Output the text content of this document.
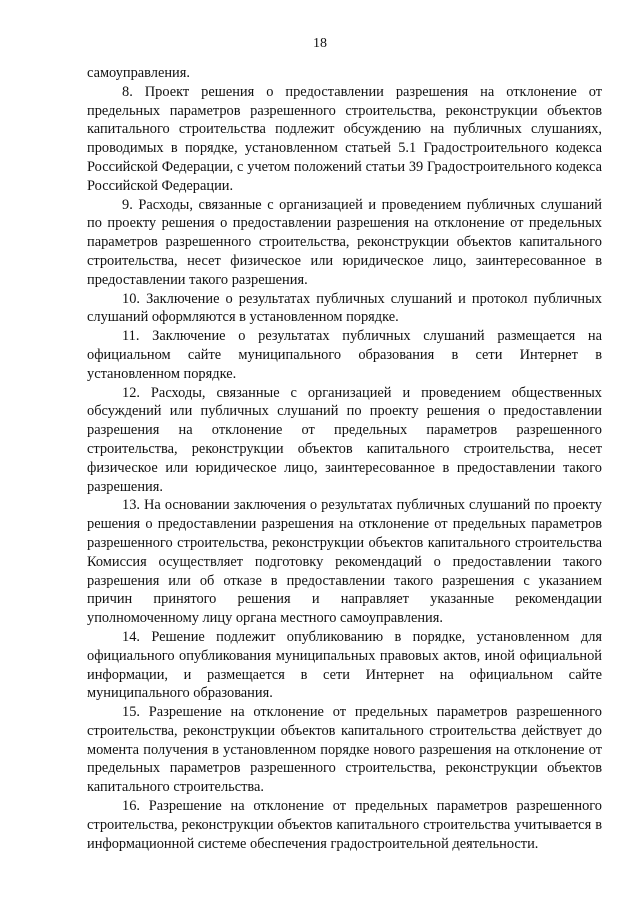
18

самоуправления.

8. Проект решения о предоставлении разрешения на отклонение от предельных параметров разрешенного строительства, реконструкции объектов капитального строительства подлежит обсуждению на публичных слушаниях, проводимых в порядке, установленном статьей 5.1 Градостроительного кодекса Российской Федерации, с учетом положений статьи 39 Градостроительного кодекса Российской Федерации.

9. Расходы, связанные с организацией и проведением публичных слушаний по проекту решения о предоставлении разрешения на отклонение от предельных параметров разрешенного строительства, реконструкции объектов капитального строительства, несет физическое или юридическое лицо, заинтересованное в предоставлении такого разрешения.

10. Заключение о результатах публичных слушаний и протокол публичных слушаний оформляются в установленном порядке.

11. Заключение о результатах публичных слушаний размещается на официальном сайте муниципального образования в сети Интернет в установленном порядке.

12. Расходы, связанные с организацией и проведением общественных обсуждений или публичных слушаний по проекту решения о предоставлении разрешения на отклонение от предельных параметров разрешенного строительства, реконструкции объектов капитального строительства, несет физическое или юридическое лицо, заинтересованное в предоставлении такого разрешения.

13. На основании заключения о результатах публичных слушаний по проекту решения о предоставлении разрешения на отклонение от предельных параметров разрешенного строительства, реконструкции объектов капитального строительства Комиссия осуществляет подготовку рекомендаций о предоставлении такого разрешения или об отказе в предоставлении такого разрешения с указанием причин принятого решения и направляет указанные рекомендации уполномоченному лицу органа местного самоуправления.

14. Решение подлежит опубликованию в порядке, установленном для официального опубликования муниципальных правовых актов, иной официальной информации, и размещается в сети Интернет на официальном сайте муниципального образования.

15. Разрешение на отклонение от предельных параметров разрешенного строительства, реконструкции объектов капитального строительства действует до момента получения в установленном порядке нового разрешения на отклонение от предельных параметров разрешенного строительства, реконструкции объектов капитального строительства.

16. Разрешение на отклонение от предельных параметров разрешенного строительства, реконструкции объектов капитального строительства учитывается в информационной системе обеспечения градостроительной деятельности.
